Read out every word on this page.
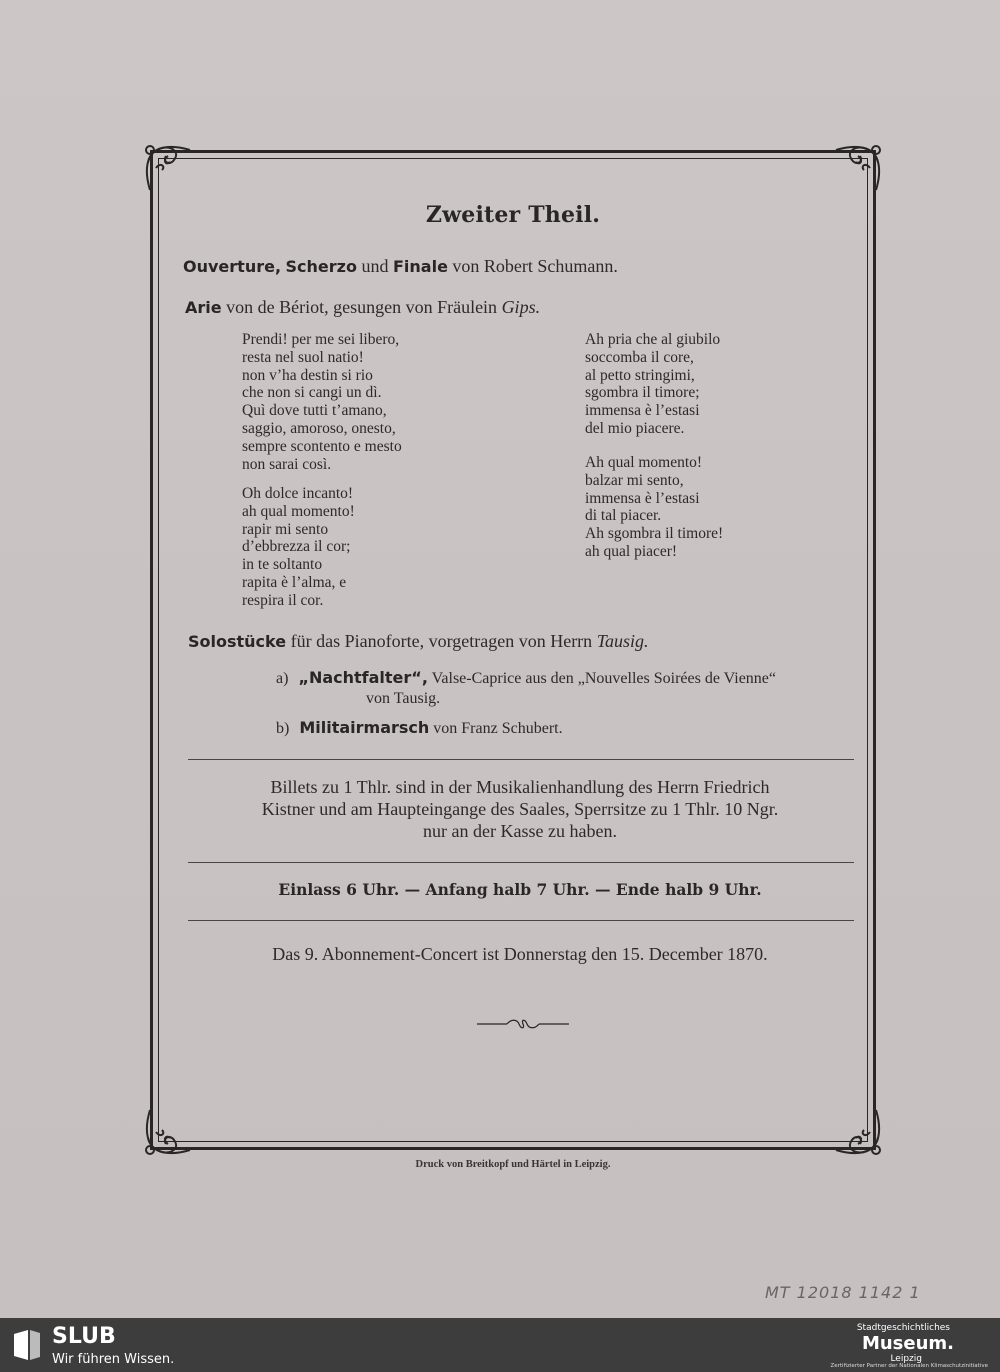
Zweiter Theil.
Ouverture, Scherzo und Finale von Robert Schumann.
Arie von de Bériot, gesungen von Fräulein Gips.
Prendi! per me sei libero,
resta nel suol natio!
non v’ha destin si rio
che non si cangi un dì.
Quì dove tutti t’amano,
saggio, amoroso, onesto,
sempre scontento e mesto
non sarai così.
Oh dolce incanto!
ah qual momento!
rapir mi sento
d’ebbrezza il cor;
in te soltanto
rapita è l’alma, e
respira il cor.
Ah pria che al giubilo
soccomba il core,
al petto stringimi,
sgombra il timore;
immensa è l’estasi
del mio piacere.
Ah qual momento!
balzar mi sento,
immensa è l’estasi
di tal piacer.
Ah sgombra il timore!
ah qual piacer!
Solostücke für das Pianoforte, vorgetragen von Herrn Tausig.
a) „Nachtfalter“, Valse-Caprice aus den „Nouvelles Soirées de Vienne“
von Tausig.
b) Militairmarsch von Franz Schubert.
Billets zu 1 Thlr. sind in der Musikalienhandlung des Herrn Friedrich
Kistner und am Haupteingange des Saales, Sperrsitze zu 1 Thlr. 10 Ngr.
nur an der Kasse zu haben.
Einlass 6 Uhr. — Anfang halb 7 Uhr. — Ende halb 9 Uhr.
Das 9. Abonnement-Concert ist Donnerstag den 15. December 1870.
Druck von Breitkopf und Härtel in Leipzig.
MT 12018 1142 1
SLUB
Wir führen Wissen.
Stadtgeschichtliches
Museum.
Leipzig
Zertifizierter Partner der Nationalen Klimaschutzinitiative
